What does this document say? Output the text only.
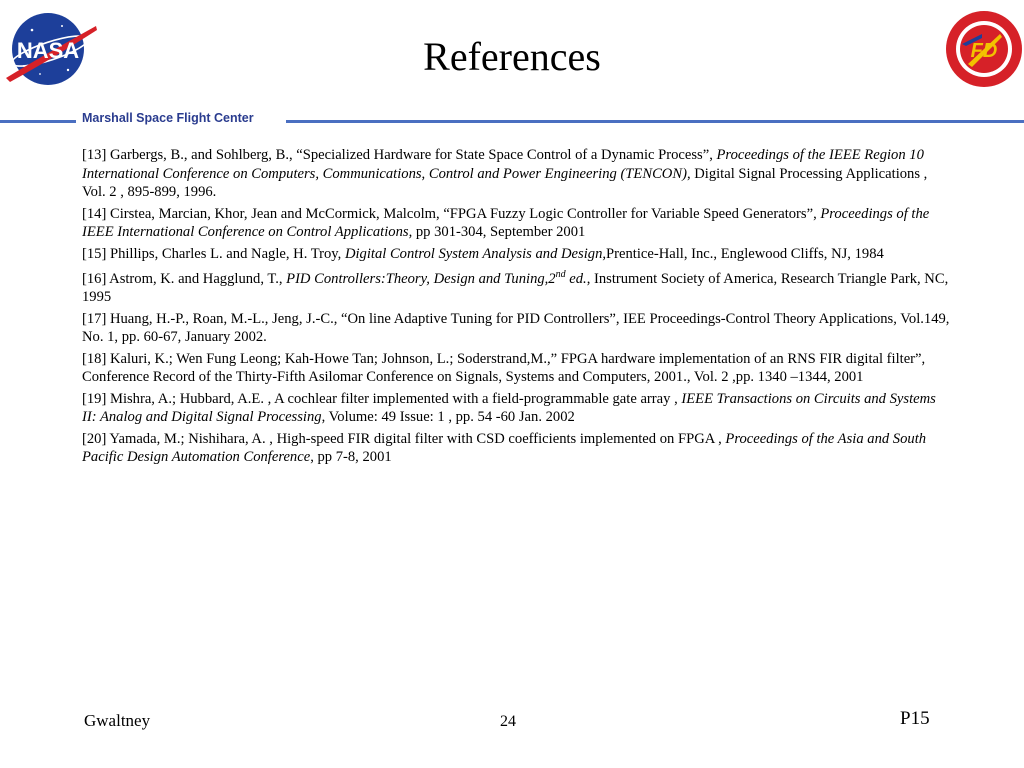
NASA	FD
References
Marshall Space Flight Center

[13] Garbergs, B., and Sohlberg, B., “Specialized Hardware for State Space Control of a Dynamic Process”, Proceedings of the IEEE Region 10 International Conference on Computers, Communications, Control and Power Engineering (TENCON), Digital Signal Processing Applications , Vol. 2 , 895-899, 1996.

[14] Cirstea, Marcian, Khor, Jean and McCormick, Malcolm, “FPGA Fuzzy Logic Controller for Variable Speed Generators”, Proceedings of the IEEE International Conference on Control Applications, pp 301-304, September 2001

[15] Phillips, Charles L. and Nagle, H. Troy, Digital Control System Analysis and Design,Prentice-Hall, Inc., Englewood Cliffs, NJ, 1984

[16] Astrom, K. and Hagglund, T., PID Controllers:Theory, Design and Tuning,2nd ed., Instrument Society of America, Research Triangle Park, NC, 1995

[17] Huang, H.-P., Roan, M.-L., Jeng, J.-C., “On line Adaptive Tuning for PID Controllers”, IEE Proceedings-Control Theory Applications, Vol.149, No. 1, pp. 60-67, January 2002.

[18] Kaluri, K.; Wen Fung Leong; Kah-Howe Tan; Johnson, L.; Soderstrand,M.,” FPGA hardware implementation of an RNS FIR digital filter”, Conference Record of the Thirty-Fifth Asilomar Conference on Signals, Systems and Computers, 2001., Vol. 2 ,pp. 1340 –1344, 2001

[19] Mishra, A.; Hubbard, A.E. , A cochlear filter implemented with a field-programmable gate array , IEEE Transactions on Circuits and Systems II: Analog and Digital Signal Processing, Volume: 49 Issue: 1 , pp. 54 -60 Jan. 2002

[20] Yamada, M.; Nishihara, A. , High-speed FIR digital filter with CSD coefficients implemented on FPGA , Proceedings of the Asia and South Pacific Design Automation Conference, pp 7-8, 2001

Gwaltney	24	P15
